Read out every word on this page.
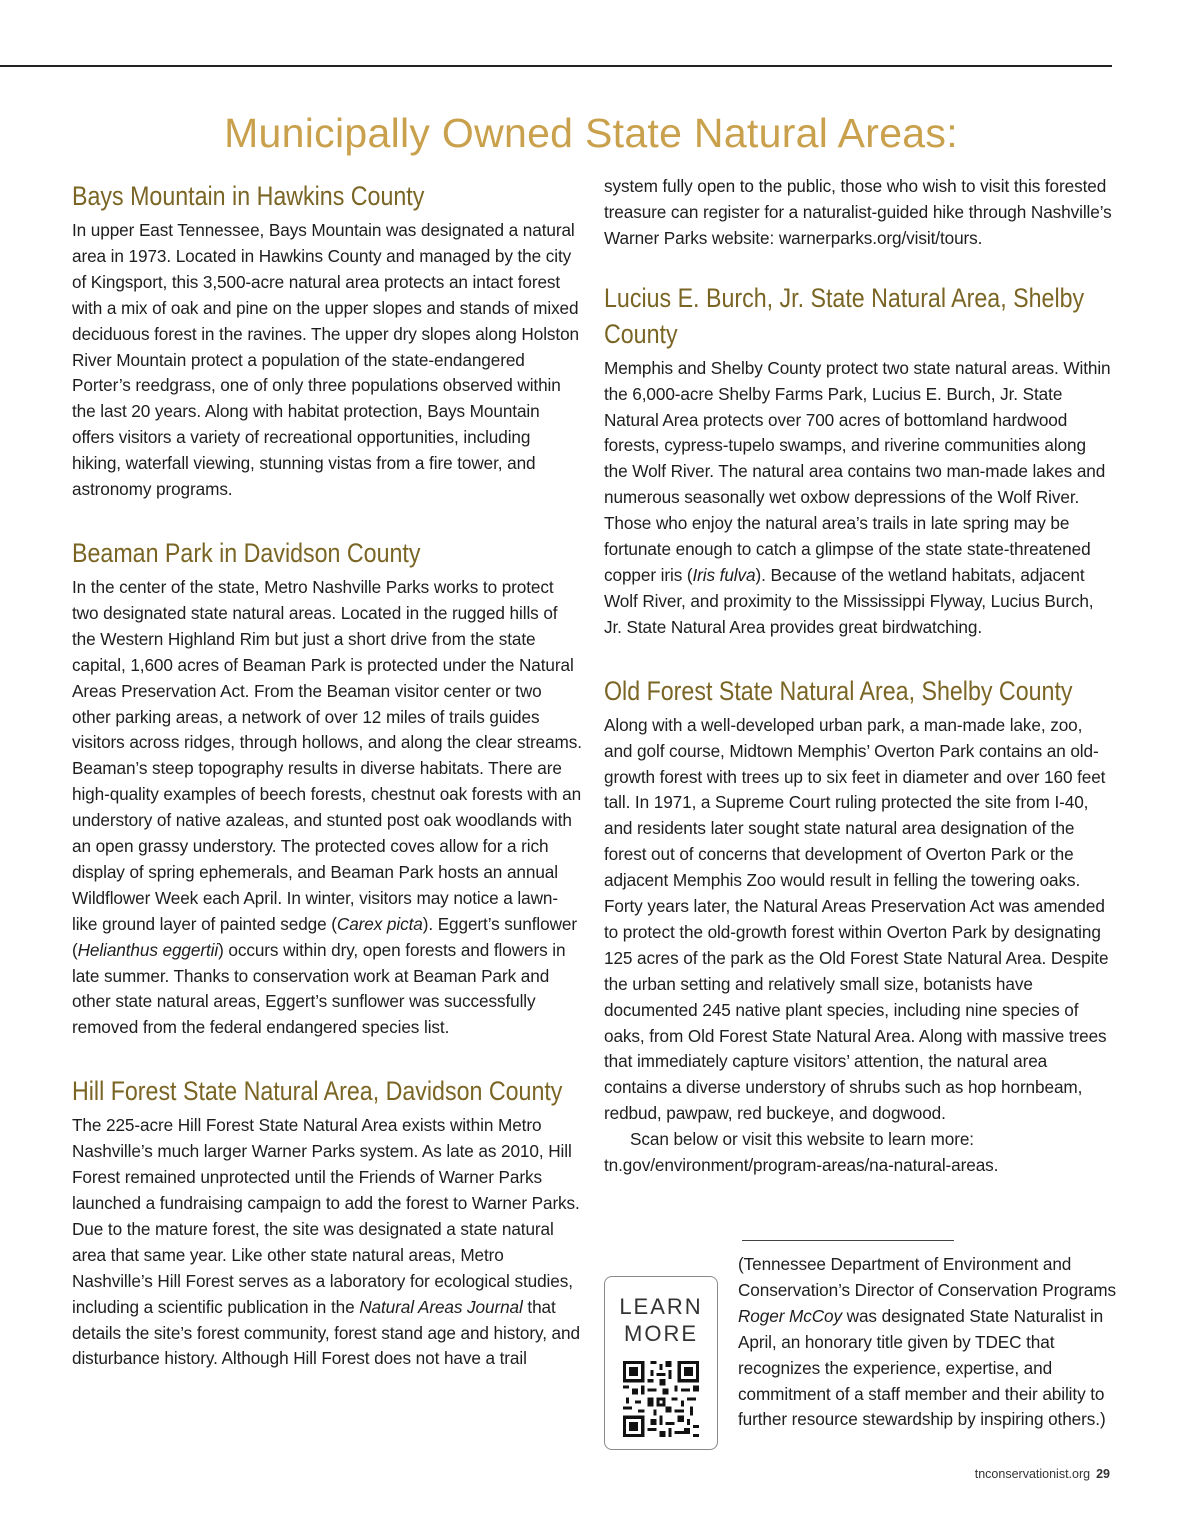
Municipally Owned State Natural Areas:
Bays Mountain in Hawkins County

In upper East Tennessee, Bays Mountain was designated a natural area in 1973. Located in Hawkins County and managed by the city of Kingsport, this 3,500-acre natural area protects an intact forest with a mix of oak and pine on the upper slopes and stands of mixed deciduous forest in the ravines. The upper dry slopes along Holston River Mountain protect a population of the state-endangered Porter’s reedgrass, one of only three populations observed within the last 20 years. Along with habitat protection, Bays Mountain offers visitors a variety of recreational opportunities, including hiking, waterfall viewing, stunning vistas from a fire tower, and astronomy programs.

Beaman Park in Davidson County

In the center of the state, Metro Nashville Parks works to protect two designated state natural areas. Located in the rugged hills of the Western Highland Rim but just a short drive from the state capital, 1,600 acres of Beaman Park is protected under the Natural Areas Preservation Act. From the Beaman visitor center or two other parking areas, a network of over 12 miles of trails guides visitors across ridges, through hollows, and along the clear streams. Beaman’s steep topography results in diverse habitats. There are high-quality examples of beech forests, chestnut oak forests with an understory of native azaleas, and stunted post oak woodlands with an open grassy understory. The protected coves allow for a rich display of spring ephemerals, and Beaman Park hosts an annual Wildflower Week each April. In winter, visitors may notice a lawn-like ground layer of painted sedge (Carex picta). Eggert’s sunflower (Helianthus eggertii) occurs within dry, open forests and flowers in late summer. Thanks to conservation work at Beaman Park and other state natural areas, Eggert’s sunflower was successfully removed from the federal endangered species list.

Hill Forest State Natural Area, Davidson County

The 225-acre Hill Forest State Natural Area exists within Metro Nashville’s much larger Warner Parks system. As late as 2010, Hill Forest remained unprotected until the Friends of Warner Parks launched a fundraising campaign to add the forest to Warner Parks. Due to the mature forest, the site was designated a state natural area that same year. Like other state natural areas, Metro Nashville’s Hill Forest serves as a laboratory for ecological studies, including a scientific publication in the Natural Areas Journal that details the site’s forest community, forest stand age and history, and disturbance history. Although Hill Forest does not have a trail

system fully open to the public, those who wish to visit this forested treasure can register for a naturalist-guided hike through Nashville’s Warner Parks website: warnerparks.org/visit/tours.

Lucius E. Burch, Jr. State Natural Area, Shelby County

Memphis and Shelby County protect two state natural areas. Within the 6,000-acre Shelby Farms Park, Lucius E. Burch, Jr. State Natural Area protects over 700 acres of bottomland hardwood forests, cypress-tupelo swamps, and riverine communities along the Wolf River. The natural area contains two man-made lakes and numerous seasonally wet oxbow depressions of the Wolf River. Those who enjoy the natural area’s trails in late spring may be fortunate enough to catch a glimpse of the state state-threatened copper iris (Iris fulva). Because of the wetland habitats, adjacent Wolf River, and proximity to the Mississippi Flyway, Lucius Burch, Jr. State Natural Area provides great birdwatching.

Old Forest State Natural Area, Shelby County

Along with a well-developed urban park, a man-made lake, zoo, and golf course, Midtown Memphis’ Overton Park contains an old-growth forest with trees up to six feet in diameter and over 160 feet tall. In 1971, a Supreme Court ruling protected the site from I-40, and residents later sought state natural area designation of the forest out of concerns that development of Overton Park or the adjacent Memphis Zoo would result in felling the towering oaks. Forty years later, the Natural Areas Preservation Act was amended to protect the old-growth forest within Overton Park by designating 125 acres of the park as the Old Forest State Natural Area. Despite the urban setting and relatively small size, botanists have documented 245 native plant species, including nine species of oaks, from Old Forest State Natural Area. Along with massive trees that immediately capture visitors’ attention, the natural area contains a diverse understory of shrubs such as hop hornbeam, redbud, pawpaw, red buckeye, and dogwood.

Scan below or visit this website to learn more: tn.gov/environment/program-areas/na-natural-areas.

LEARN
MORE

(Tennessee Department of Environment and Conservation’s Director of Conservation Programs Roger McCoy was designated State Naturalist in April, an honorary title given by TDEC that recognizes the experience, expertise, and commitment of a staff member and their ability to further resource stewardship by inspiring others.)

tnconservationist.org 29
